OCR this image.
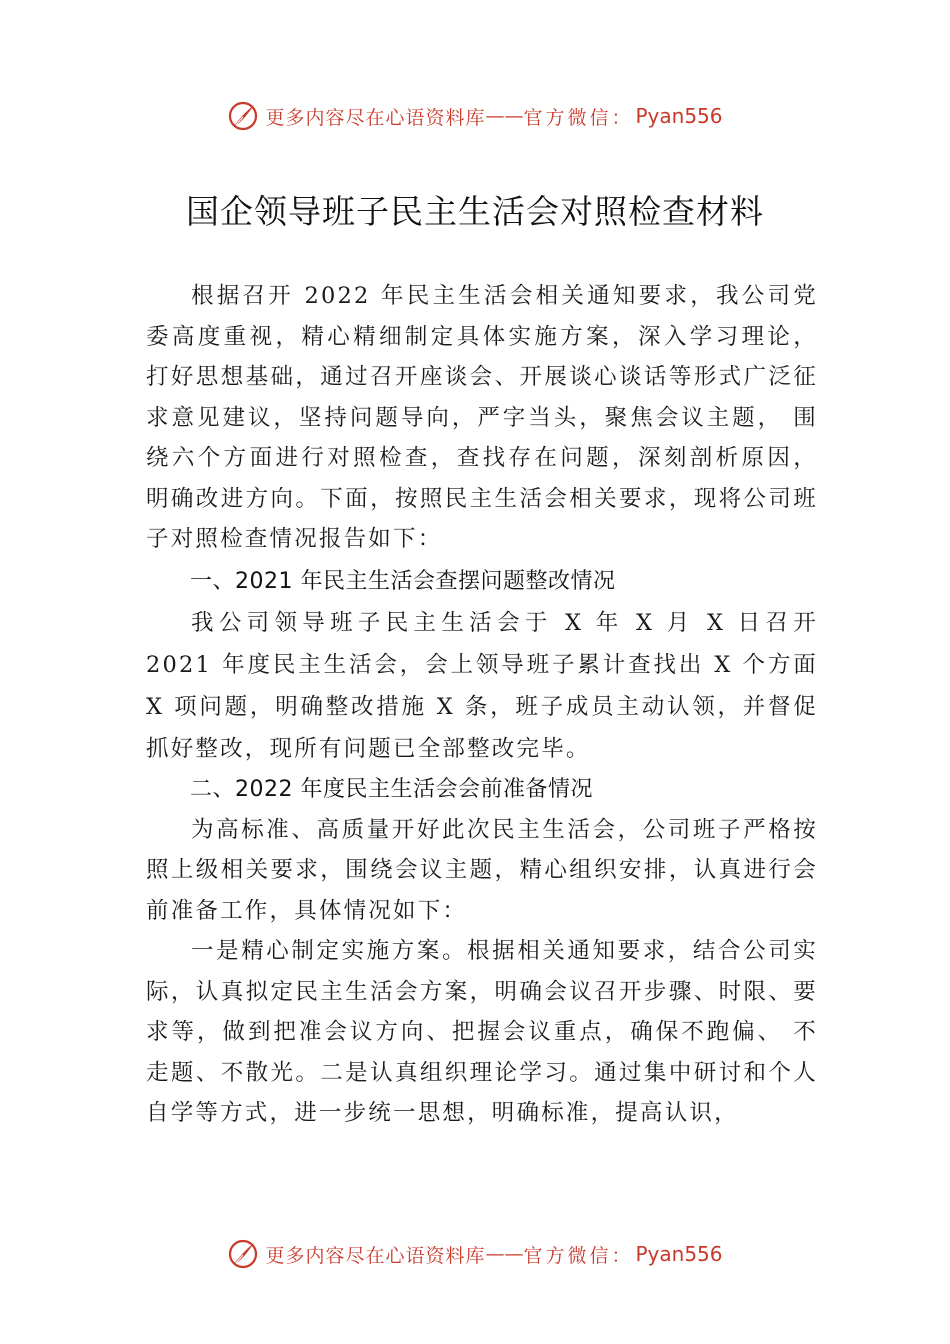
更多内容尽在心语资料库 —— 官方微信： Pyan556
国企领导班子民主生活会对照检查材料

根据召开 2022 年民主生活会相关通知要求，我公司党委高度重视，精心精细制定具体实施方案，深入学习理论， 打好思想基础，通过召开座谈会、开展谈心谈话等形式广泛征求意见建议，坚持问题导向，严字当头，聚焦会议主题， 围绕六个方面进行对照检查，查找存在问题，深刻剖析原因， 明确改进方向。下面，按照民主生活会相关要求，现将公司班子对照检查情况报告如下：

一、2021 年民主生活会查摆问题整改情况

我公司领导班子民主生活会于 X 年 X 月 X 日召开 2021 年度民主生活会，会上领导班子累计查找出 X 个方面 X 项问题，明确整改措施 X 条，班子成员主动认领，并督促抓好整改，现所有问题已全部整改完毕。

二、2022 年度民主生活会会前准备情况

为高标准、高质量开好此次民主生活会，公司班子严格按照上级相关要求，围绕会议主题，精心组织安排，认真进行会前准备工作，具体情况如下：

一是精心制定实施方案。根据相关通知要求，结合公司实际，认真拟定民主生活会方案，明确会议召开步骤、时限、要求等，做到把准会议方向、把握会议重点，确保不跑偏、 不走题、不散光。二是认真组织理论学习。通过集中研讨和个人自学等方式，进一步统一思想，明确标准，提高认识，

更多内容尽在心语资料库 —— 官方微信： Pyan556
